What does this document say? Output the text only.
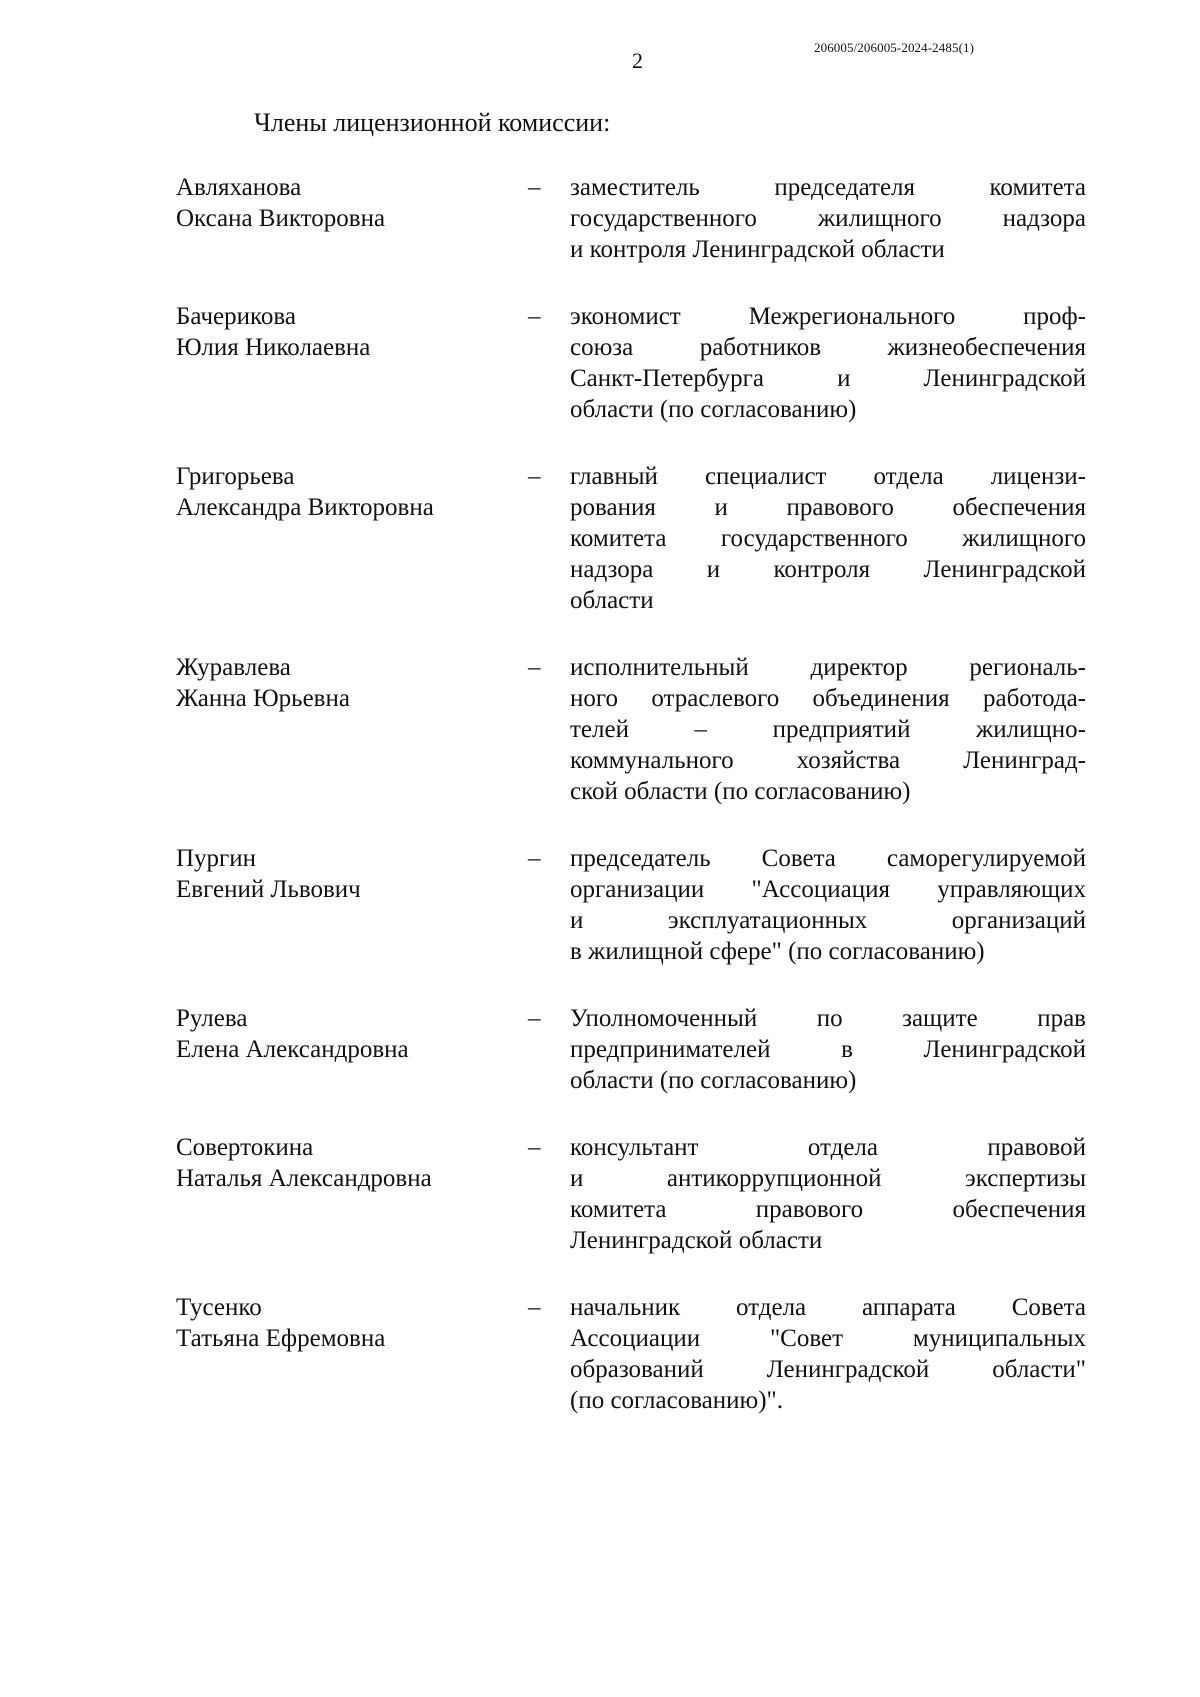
206005/206005-2024-2485(1)
2
Члены лицензионной комиссии:
Авляханова
Оксана Викторовна
–	заместитель председателя комитета
государственного жилищного надзора
и контроля Ленинградской области
Бачерикова
Юлия Николаевна
–	экономист Межрегионального проф-
союза работников жизнеобеспечения
Санкт-Петербурга и Ленинградской
области (по согласованию)
Григорьева
Александра Викторовна
–	главный специалист отдела лицензи-
рования и правового обеспечения
комитета государственного жилищного
надзора и контроля Ленинградской
области
Журавлева
Жанна Юрьевна
–	исполнительный директор региональ-
ного отраслевого объединения работода-
телей – предприятий жилищно-
коммунального хозяйства Ленинград-
ской области (по согласованию)
Пургин
Евгений Львович
–	председатель Совета саморегулируемой
организации "Ассоциация управляющих
и эксплуатационных организаций
в жилищной сфере" (по согласованию)
Рулева
Елена Александровна
–	Уполномоченный по защите прав
предпринимателей в Ленинградской
области (по согласованию)
Совертокина
Наталья Александровна
–	консультант отдела правовой
и антикоррупционной экспертизы
комитета правового обеспечения
Ленинградской области
Тусенко
Татьяна Ефремовна
–	начальник отдела аппарата Совета
Ассоциации "Совет муниципальных
образований Ленинградской области"
(по согласованию)".
